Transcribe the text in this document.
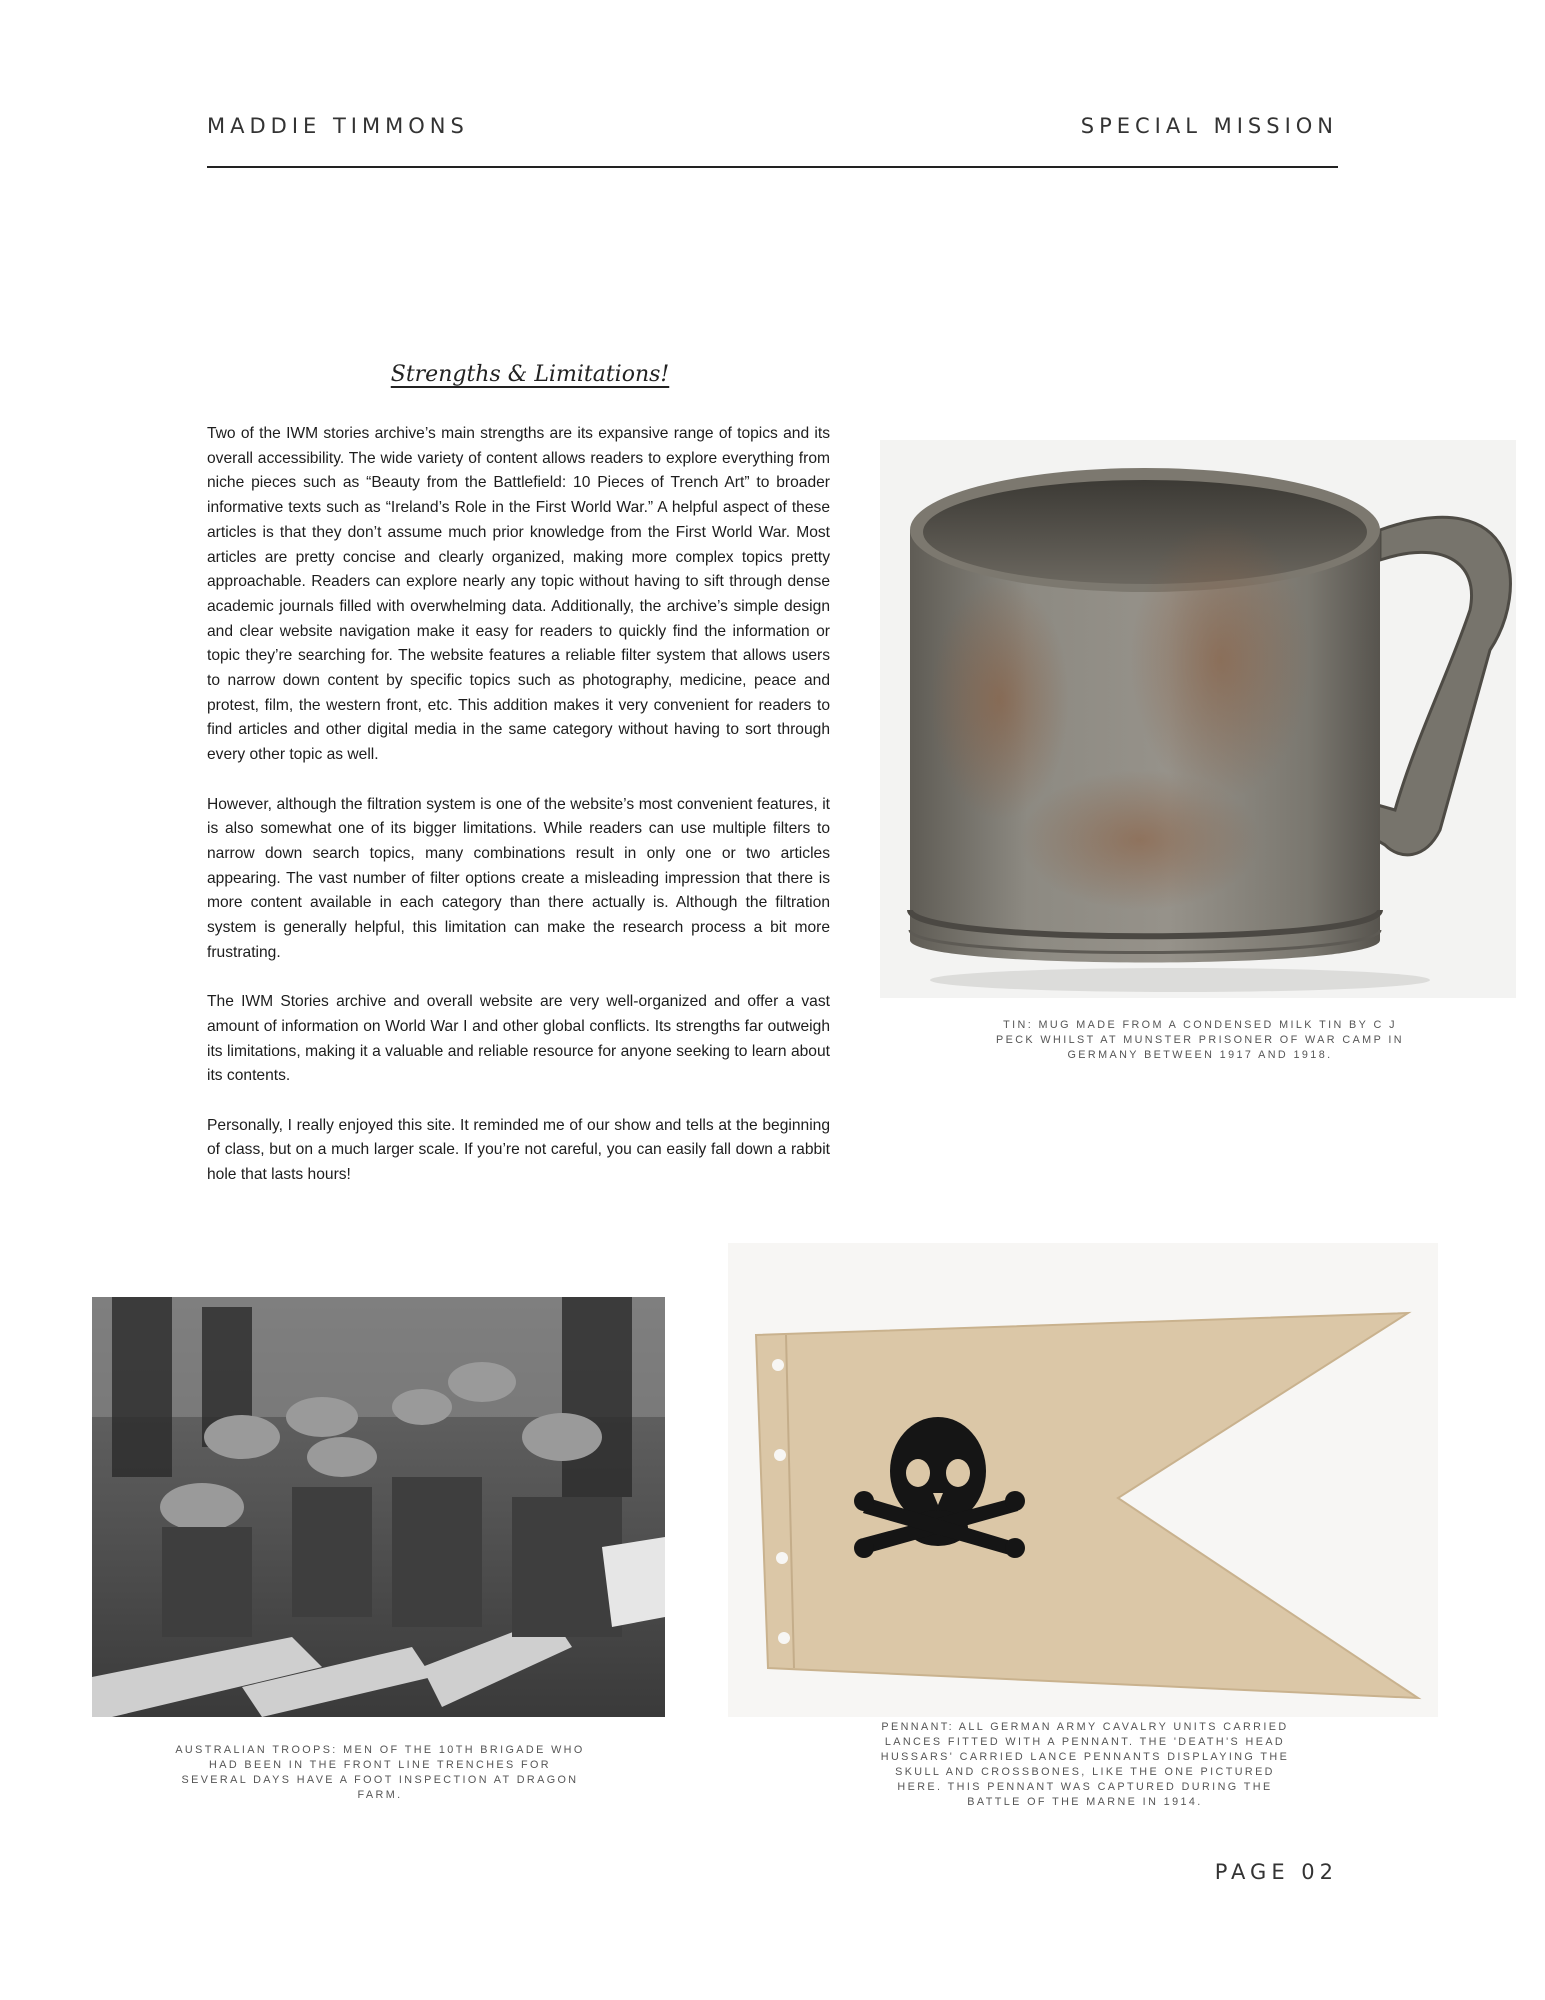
MADDIE TIMMONS	SPECIAL MISSION
Strengths & Limitations!

Two of the IWM stories archive’s main strengths are its expansive range of topics and its overall accessibility. The wide variety of content allows readers to explore everything from niche pieces such as “Beauty from the Battlefield: 10 Pieces of Trench Art” to broader informative texts such as “Ireland’s Role in the First World War.” A helpful aspect of these articles is that they don’t assume much prior knowledge from the First World War. Most articles are pretty concise and clearly organized, making more complex topics pretty approachable. Readers can explore nearly any topic without having to sift through dense academic journals filled with overwhelming data. Additionally, the archive’s simple design and clear website navigation make it easy for readers to quickly find the information or topic they’re searching for. The website features a reliable filter system that allows users to narrow down content by specific topics such as photography, medicine, peace and protest, film, the western front, etc. This addition makes it very convenient for readers to find articles and other digital media in the same category without having to sort through every other topic as well.

However, although the filtration system is one of the website’s most convenient features, it is also somewhat one of its bigger limitations. While readers can use multiple filters to narrow down search topics, many combinations result in only one or two articles appearing. The vast number of filter options create a misleading impression that there is more content available in each category than there actually is. Although the filtration system is generally helpful, this limitation can make the research process a bit more frustrating.

The IWM Stories archive and overall website are very well-organized and offer a vast amount of information on World War I and other global conflicts. Its strengths far outweigh its limitations, making it a valuable and reliable resource for anyone seeking to learn about its contents.

Personally, I really enjoyed this site. It reminded me of our show and tells at the beginning of class, but on a much larger scale. If you’re not careful, you can easily fall down a rabbit hole that lasts hours!

TIN: MUG MADE FROM A CONDENSED MILK TIN BY C J PECK WHILST AT MUNSTER PRISONER OF WAR CAMP IN GERMANY BETWEEN 1917 AND 1918.
AUSTRALIAN TROOPS: MEN OF THE 10TH BRIGADE WHO HAD BEEN IN THE FRONT LINE TRENCHES FOR SEVERAL DAYS HAVE A FOOT INSPECTION AT DRAGON FARM.
PENNANT: ALL GERMAN ARMY CAVALRY UNITS CARRIED LANCES FITTED WITH A PENNANT. THE 'DEATH'S HEAD HUSSARS' CARRIED LANCE PENNANTS DISPLAYING THE SKULL AND CROSSBONES, LIKE THE ONE PICTURED HERE. THIS PENNANT WAS CAPTURED DURING THE BATTLE OF THE MARNE IN 1914.
PAGE 02
